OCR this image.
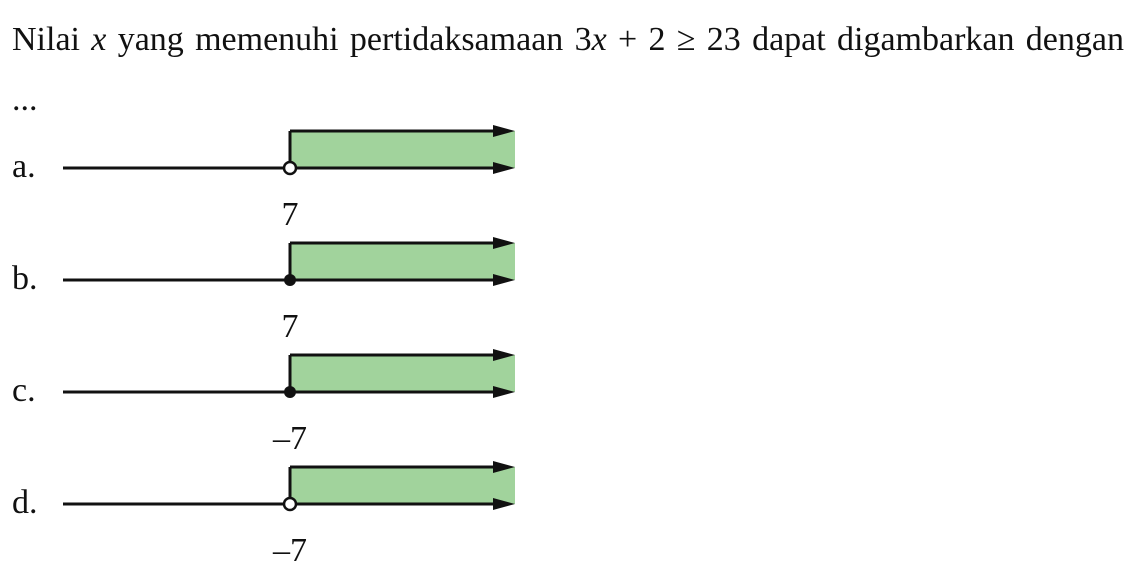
Nilai x yang memenuhi pertidaksamaan 3x + 2 ≥ 23 dapat digambarkan dengan ...
a.
7
b.
7
c.
–7
d.
–7
